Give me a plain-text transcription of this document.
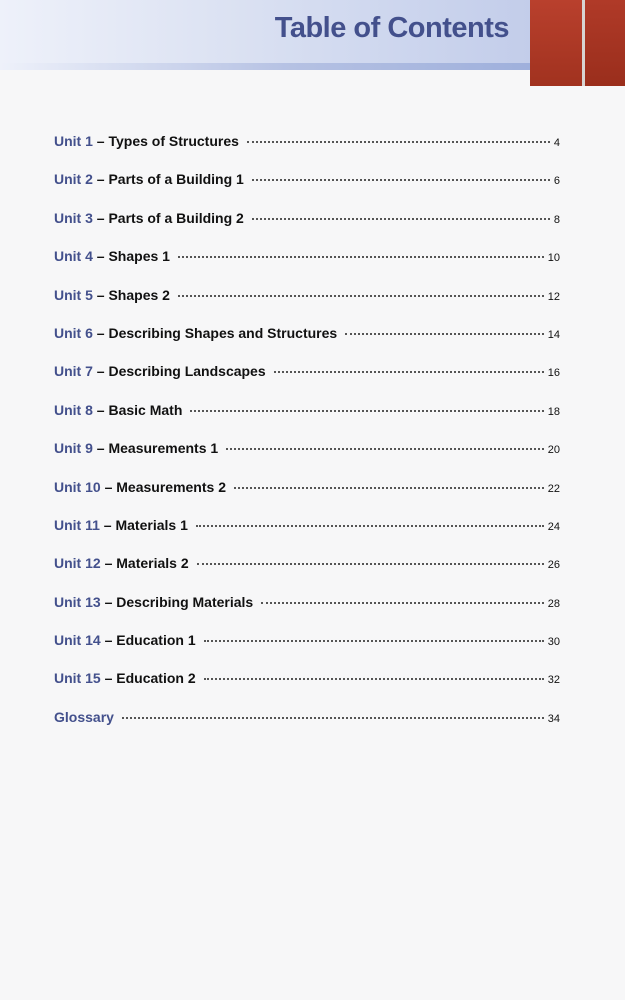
Table of Contents
Unit 1 – Types of Structures	4
Unit 2 – Parts of a Building 1	6
Unit 3 – Parts of a Building 2	8
Unit 4 – Shapes 1	10
Unit 5 – Shapes 2	12
Unit 6 – Describing Shapes and Structures	14
Unit 7 – Describing Landscapes	16
Unit 8 – Basic Math	18
Unit 9 – Measurements 1	20
Unit 10 – Measurements 2	22
Unit 11 – Materials 1	24
Unit 12 – Materials 2	26
Unit 13 – Describing Materials	28
Unit 14 – Education 1	30
Unit 15 – Education 2	32
Glossary	34
